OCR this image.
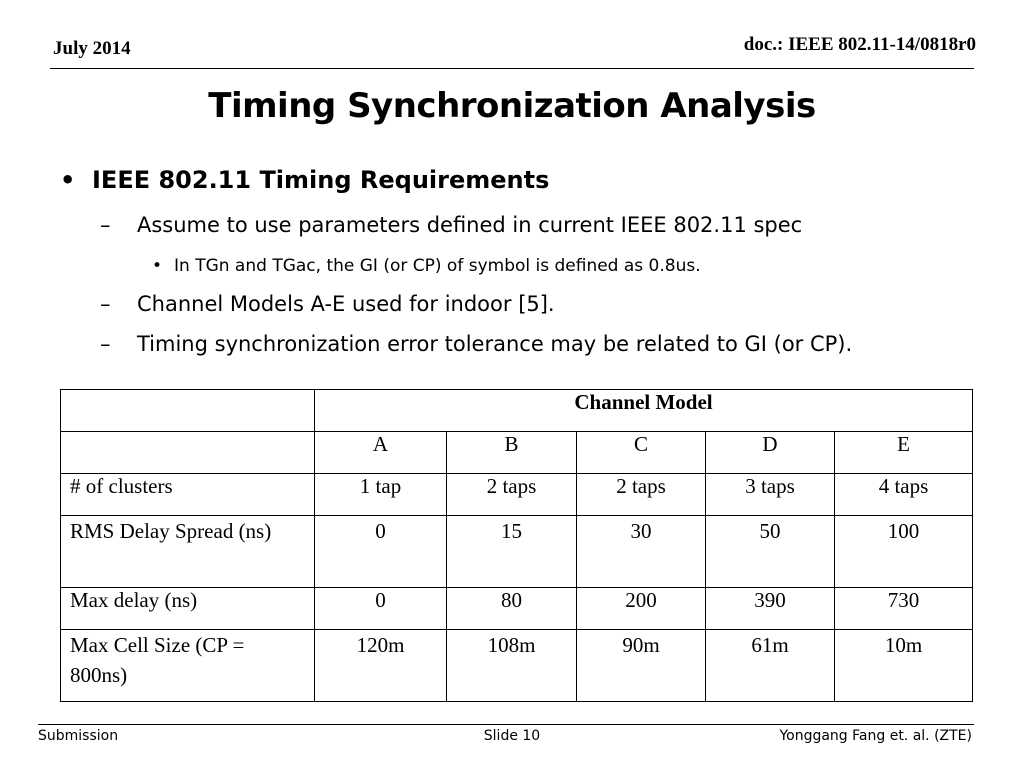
July 2014	doc.: IEEE 802.11-14/0818r0
Timing Synchronization Analysis
• IEEE 802.11 Timing Requirements
– Assume to use parameters defined in current IEEE 802.11 spec
• In TGn and TGac, the GI (or CP) of symbol is defined as 0.8us.
– Channel Models A-E used for indoor [5].
– Timing synchronization error tolerance may be related to GI (or CP).
	Channel Model				
	A	B	C	D	E
# of clusters	1 tap	2 taps	2 taps	3 taps	4 taps
RMS Delay Spread (ns)	0	15	30	50	100
Max delay (ns)	0	80	200	390	730
Max Cell Size (CP = 800ns)	120m	108m	90m	61m	10m
Submission	Slide 10	Yonggang Fang et. al. (ZTE)
